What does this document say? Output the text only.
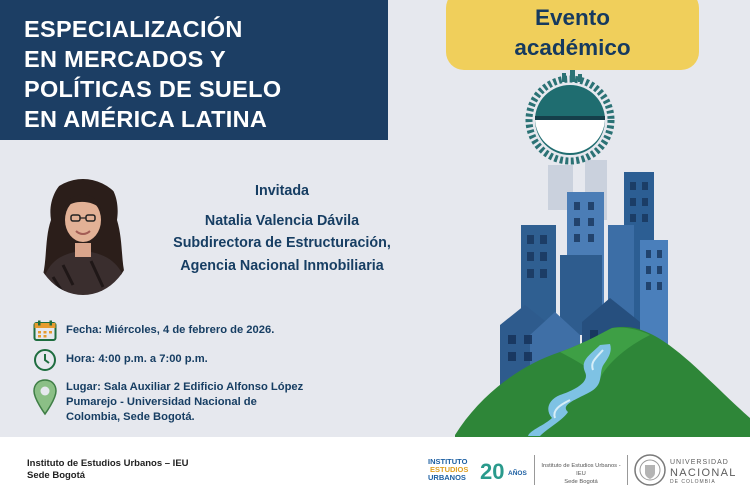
ESPECIALIZACIÓN
EN MERCADOS Y
POLÍTICAS DE SUELO
EN AMÉRICA LATINA
Evento
académico
Invitada
Natalia Valencia Dávila
Subdirectora de Estructuración,
Agencia Nacional Inmobiliaria
Fecha: Miércoles, 4 de febrero de 2026.
Hora: 4:00 p.m. a 7:00 p.m.
Lugar: Sala Auxiliar 2 Edificio Alfonso López
Pumarejo - Universidad Nacional de
Colombia, Sede Bogotá.
Instituto de Estudios Urbanos – IEU
Sede Bogotá
INSTITUTO
ESTUDIOS
URBANOS 20 AÑOS
Instituto de Estudios Urbanos - IEU
Sede Bogotá
UNIVERSIDAD
NACIONAL
DE COLOMBIA
